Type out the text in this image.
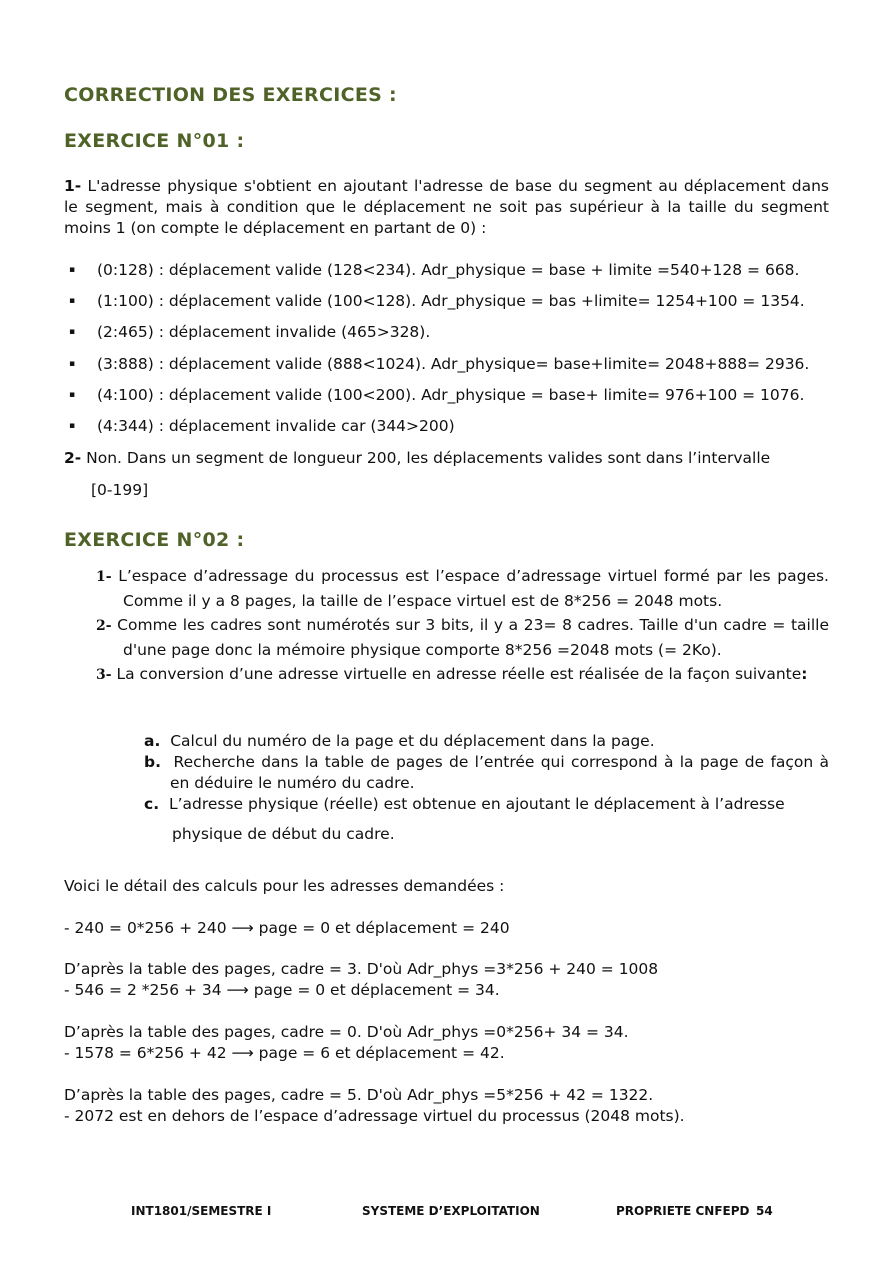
CORRECTION DES EXERCICES :
EXERCICE N°01 :
1- L'adresse physique s'obtient en ajoutant l'adresse de base du segment au déplacement dans le segment, mais à condition que le déplacement ne soit pas supérieur à la taille du segment moins 1 (on compte le déplacement en partant de 0) :
▪ (0:128) : déplacement valide (128<234). Adr_physique = base + limite =540+128 = 668.
▪ (1:100) : déplacement valide (100<128). Adr_physique = bas +limite= 1254+100 = 1354.
▪ (2:465) : déplacement invalide (465>328).
▪ (3:888) : déplacement valide (888<1024). Adr_physique= base+limite= 2048+888= 2936.
▪ (4:100) : déplacement valide (100<200). Adr_physique = base+ limite= 976+100 = 1076.
▪ (4:344) : déplacement invalide car (344>200)
2- Non. Dans un segment de longueur 200, les déplacements valides sont dans l’intervalle
[0-199]
EXERCICE N°02 :
1- L’espace d’adressage du processus est l’espace d’adressage virtuel formé par les pages. Comme il y a 8 pages, la taille de l’espace virtuel est de 8*256 = 2048 mots.
2- Comme les cadres sont numérotés sur 3 bits, il y a 23= 8 cadres. Taille d'un cadre = taille d'une page donc la mémoire physique comporte 8*256 =2048 mots (= 2Ko).
3- La conversion d’une adresse virtuelle en adresse réelle est réalisée de la façon suivante:
a. Calcul du numéro de la page et du déplacement dans la page.
b. Recherche dans la table de pages de l’entrée qui correspond à la page de façon à en déduire le numéro du cadre.
c. L’adresse physique (réelle) est obtenue en ajoutant le déplacement à l’adresse
physique de début du cadre.
Voici le détail des calculs pour les adresses demandées :
- 240 = 0*256 + 240 ⟶ page = 0 et déplacement = 240
D’après la table des pages, cadre = 3. D'où Adr_phys =3*256 + 240 = 1008
- 546 = 2 *256 + 34 ⟶ page = 0 et déplacement = 34.
D’après la table des pages, cadre = 0. D'où Adr_phys =0*256+ 34 = 34.
- 1578 = 6*256 + 42 ⟶ page = 6 et déplacement = 42.
D’après la table des pages, cadre = 5. D'où Adr_phys =5*256 + 42 = 1322.
- 2072 est en dehors de l’espace d’adressage virtuel du processus (2048 mots).
INT1801/SEMESTRE I	SYSTEME D’EXPLOITATION	PROPRIETE CNFEPD 54
